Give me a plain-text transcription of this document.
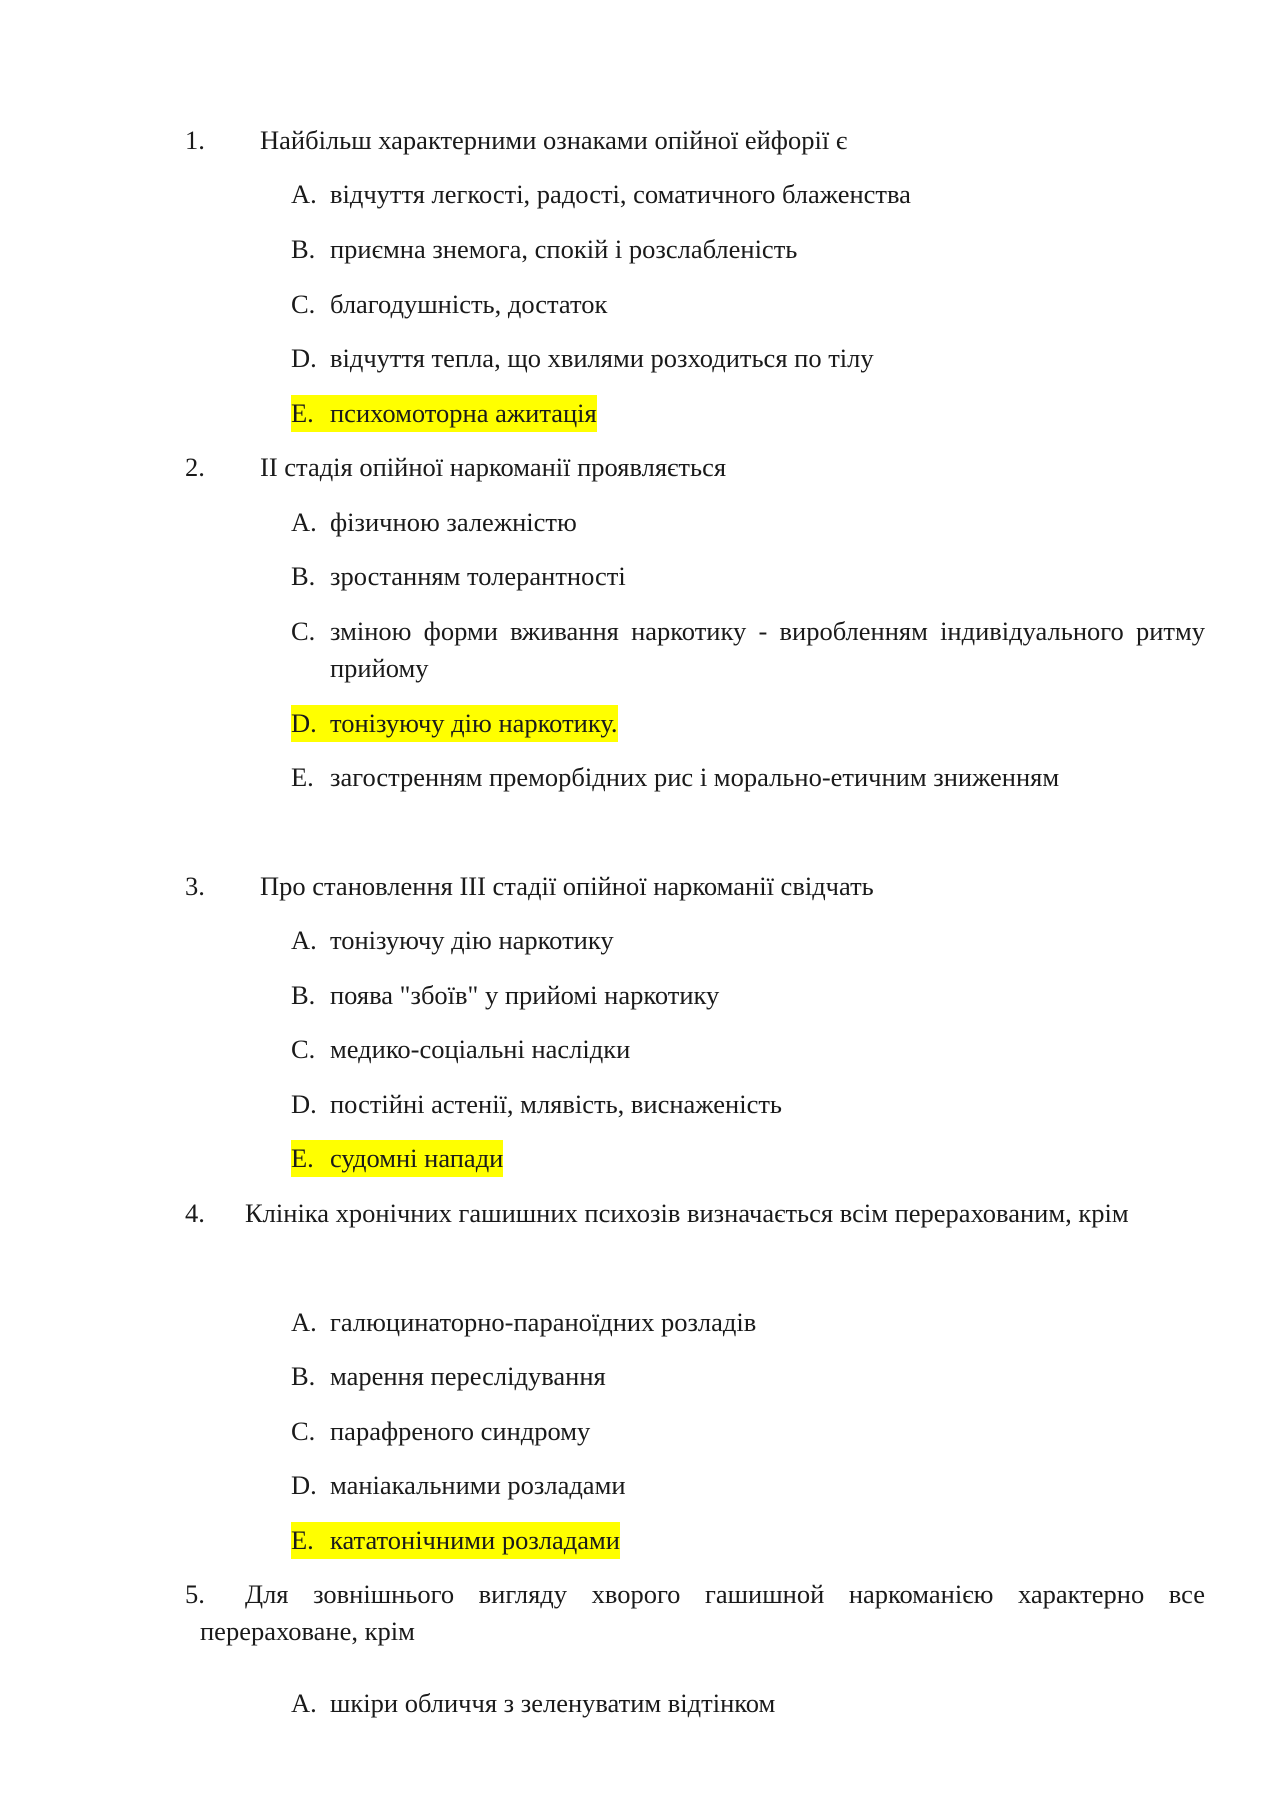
1.	Найбільш характерними ознаками опійної ейфорії є
A. відчуття легкості, радості, соматичного блаженства
B. приємна знемога, спокій і розслабленість
C. благодушність, достаток
D. відчуття тепла, що хвилями розходиться по тілу
E. психомоторна ажитація
2.	II стадія опійної наркоманії проявляється
A. фізичною залежністю
B. зростанням толерантності
C. зміною форми вживання наркотику - виробленням індивідуального ритму прийому
D. тонізуючу дію наркотику.
E. загостренням преморбідних рис і морально-етичним зниженням
3.	Про становлення III стадії опійної наркоманії свідчать
A. тонізуючу дію наркотику
B. поява "збоїв" у прийомі наркотику
C. медико-соціальні наслідки
D. постійні астенії, млявість, виснаженість
E. судомні напади
4. Клініка хронічних гашишних психозів визначається всім перерахованим, крім
A. галюцинаторно-параноїдних розладів
B. марення переслідування
C. парафреного синдрому
D. маніакальними розладами
E. кататонічними розладами
5. Для зовнішнього вигляду хворого гашишной наркоманією характерно все перераховане, крім
A. шкіри обличчя з зеленуватим відтінком
